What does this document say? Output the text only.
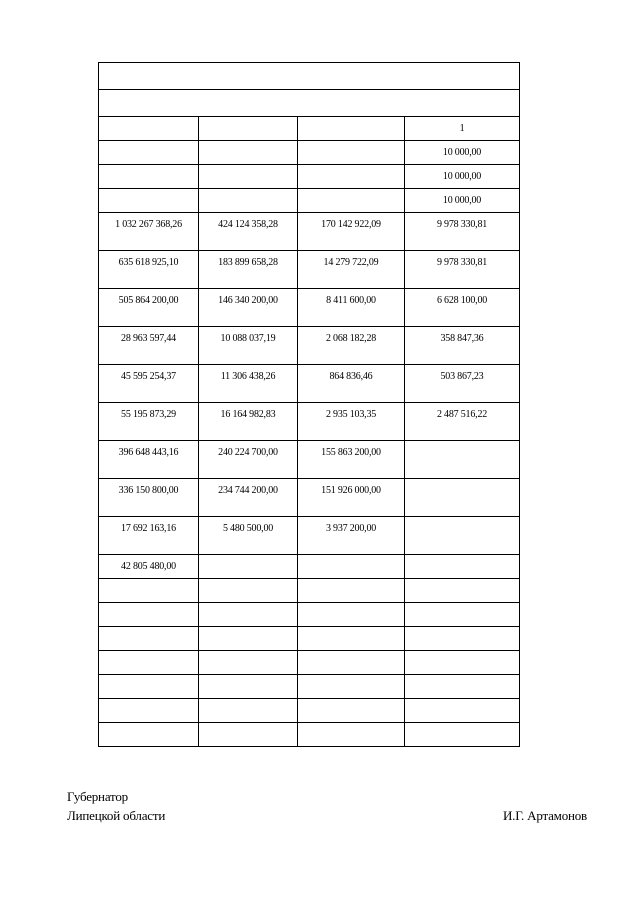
			1
			10 000,00
			10 000,00
			10 000,00
1 032 267 368,26	424 124 358,28	170 142 922,09	9 978 330,81
635 618 925,10	183 899 658,28	14 279 722,09	9 978 330,81
505 864 200,00	146 340 200,00	8 411 600,00	6 628 100,00
28 963 597,44	10 088 037,19	2 068 182,28	358 847,36
45 595 254,37	11 306 438,26	864 836,46	503 867,23
55 195 873,29	16 164 982,83	2 935 103,35	2 487 516,22
396 648 443,16	240 224 700,00	155 863 200,00	
336 150 800,00	234 744 200,00	151 926 000,00	
17 692 163,16	5 480 500,00	3 937 200,00	
42 805 480,00			

Губернатор
Липецкой области	И.Г. Артамонов
